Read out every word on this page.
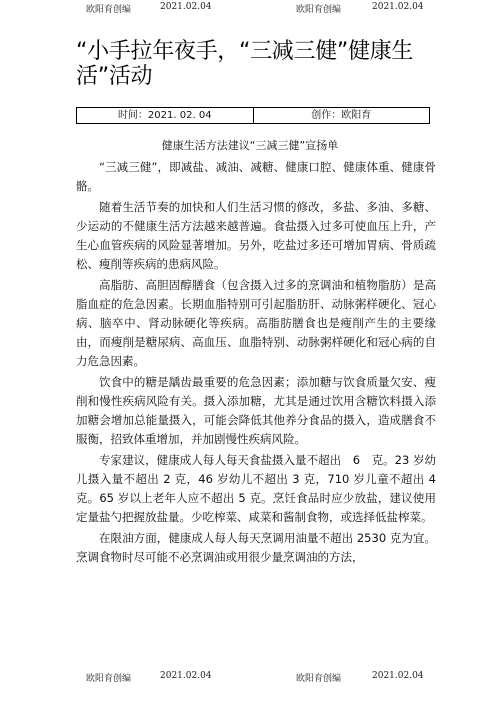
欧阳育创编	2021.02.04	欧阳育创编	2021.02.04
“小手拉年夜手，“三减三健”健康生活”活动
时间：2021. 02. 04	创作：欧阳育
健康生活方法建议“三减三健”宣扬单

“三减三健”，即减盐、减油、减糖、健康口腔、健康体重、健康骨骼。

随着生活节奏的加快和人们生活习惯的修改，多盐、多油、多糖、少运动的不健康生活方法越来越普遍。食盐摄入过多可使血压上升，产生心血管疾病的风险显著增加。另外，吃盐过多还可增加胃病、骨质疏松、瘦削等疾病的患病风险。

高脂肪、高胆固醇膳食（包含摄入过多的烹调油和植物脂肪）是高脂血症的危急因素。长期血脂特别可引起脂肪肝、动脉粥样硬化、冠心病、脑卒中、肾动脉硬化等疾病。高脂肪膳食也是瘦削产生的主要缘由，而瘦削是糖尿病、高血压、血脂特别、动脉粥样硬化和冠心病的自力危急因素。

饮食中的糖是龋齿最重要的危急因素；添加糖与饮食质量欠安、瘦削和慢性疾病风险有关。摄入添加糖，尤其是通过饮用含糖饮料摄入添加糖会增加总能量摄入，可能会降低其他养分食品的摄入，造成膳食不服衡，招致体重增加，并加剧慢性疾病风险。

专家建议，健康成人每人每天食盐摄入量不超出　6　克。23 岁幼儿摄入量不超出 2 克，46 岁幼儿不超出 3 克，710 岁儿童不超出 4 克。65 岁以上老年人应不超出 5 克。烹饪食品时应少放盐，建议使用定量盐勺把握放盐量。少吃榨菜、咸菜和酱制食物，或选择低盐榨菜。

在限油方面，健康成人每人每天烹调用油量不超出 2530 克为宜。烹调食物时尽可能不必烹调油或用很少量烹调油的方法，

欧阳育创编	2021.02.04	欧阳育创编	2021.02.04
